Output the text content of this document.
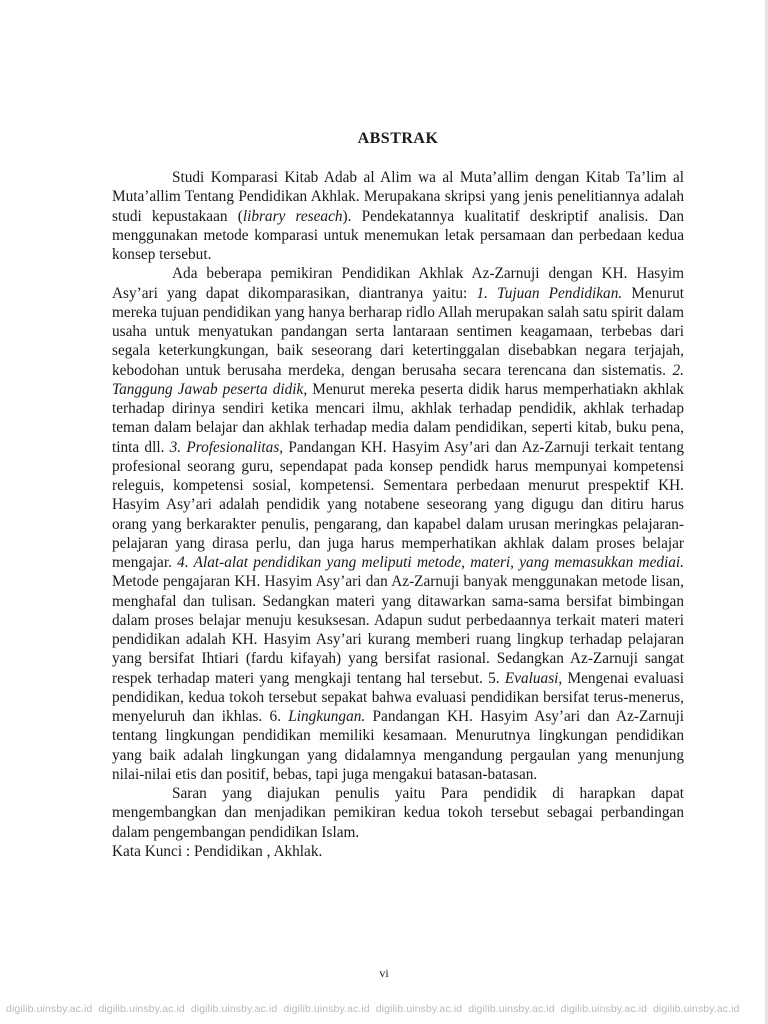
ABSTRAK

Studi Komparasi Kitab Adab al Alim wa al Muta’allim dengan Kitab Ta’lim al Muta’allim Tentang Pendidikan Akhlak. Merupakana skripsi yang jenis penelitiannya adalah studi kepustakaan (library reseach). Pendekatannya kualitatif deskriptif analisis. Dan menggunakan metode komparasi untuk menemukan letak persamaan dan perbedaan kedua konsep tersebut.

Ada beberapa pemikiran Pendidikan Akhlak Az-Zarnuji dengan KH. Hasyim Asy’ari yang dapat dikomparasikan, diantranya yaitu: 1. Tujuan Pendidikan. Menurut mereka tujuan pendidikan yang hanya berharap ridlo Allah merupakan salah satu spirit dalam usaha untuk menyatukan pandangan serta lantaraan sentimen keagamaan, terbebas dari segala keterkungkungan, baik seseorang dari ketertinggalan disebabkan negara terjajah, kebodohan untuk berusaha merdeka, dengan berusaha secara terencana dan sistematis. 2. Tanggung Jawab peserta didik, Menurut mereka peserta didik harus memperhatiakn akhlak terhadap dirinya sendiri ketika mencari ilmu, akhlak terhadap pendidik, akhlak terhadap teman dalam belajar dan akhlak terhadap media dalam pendidikan, seperti kitab, buku pena, tinta dll. 3. Profesionalitas, Pandangan KH. Hasyim Asy’ari dan Az-Zarnuji terkait tentang profesional seorang guru, sependapat pada konsep pendidk harus mempunyai kompetensi releguis, kompetensi sosial, kompetensi. Sementara perbedaan menurut prespektif KH. Hasyim Asy’ari adalah pendidik yang notabene seseorang yang digugu dan ditiru harus orang yang berkarakter penulis, pengarang, dan kapabel dalam urusan meringkas pelajaran-pelajaran yang dirasa perlu, dan juga harus memperhatikan akhlak dalam proses belajar mengajar. 4. Alat-alat pendidikan yang meliputi metode, materi, yang memasukkan mediai. Metode pengajaran KH. Hasyim Asy’ari dan Az-Zarnuji banyak menggunakan metode lisan, menghafal dan tulisan. Sedangkan materi yang ditawarkan sama-sama bersifat bimbingan dalam proses belajar menuju kesuksesan. Adapun sudut perbedaannya terkait materi materi pendidikan adalah KH. Hasyim Asy’ari kurang memberi ruang lingkup terhadap pelajaran yang bersifat Ihtiari (fardu kifayah) yang bersifat rasional. Sedangkan Az-Zarnuji sangat respek terhadap materi yang mengkaji tentang hal tersebut. 5. Evaluasi, Mengenai evaluasi pendidikan, kedua tokoh tersebut sepakat bahwa evaluasi pendidikan bersifat terus-menerus, menyeluruh dan ikhlas. 6. Lingkungan. Pandangan KH. Hasyim Asy’ari dan Az-Zarnuji tentang lingkungan pendidikan memiliki kesamaan. Menurutnya lingkungan pendidikan yang baik adalah lingkungan yang didalamnya mengandung pergaulan yang menunjung nilai-nilai etis dan positif, bebas, tapi juga mengakui batasan-batasan.

Saran yang diajukan penulis yaitu Para pendidik di harapkan dapat mengembangkan dan menjadikan pemikiran kedua tokoh tersebut sebagai perbandingan dalam pengembangan pendidikan Islam.

Kata Kunci : Pendidikan , Akhlak.

vi
digilib.uinsby.ac.id digilib.uinsby.ac.id digilib.uinsby.ac.id digilib.uinsby.ac.id digilib.uinsby.ac.id digilib.uinsby.ac.id digilib.uinsby.ac.id digilib.uinsby.ac.id
